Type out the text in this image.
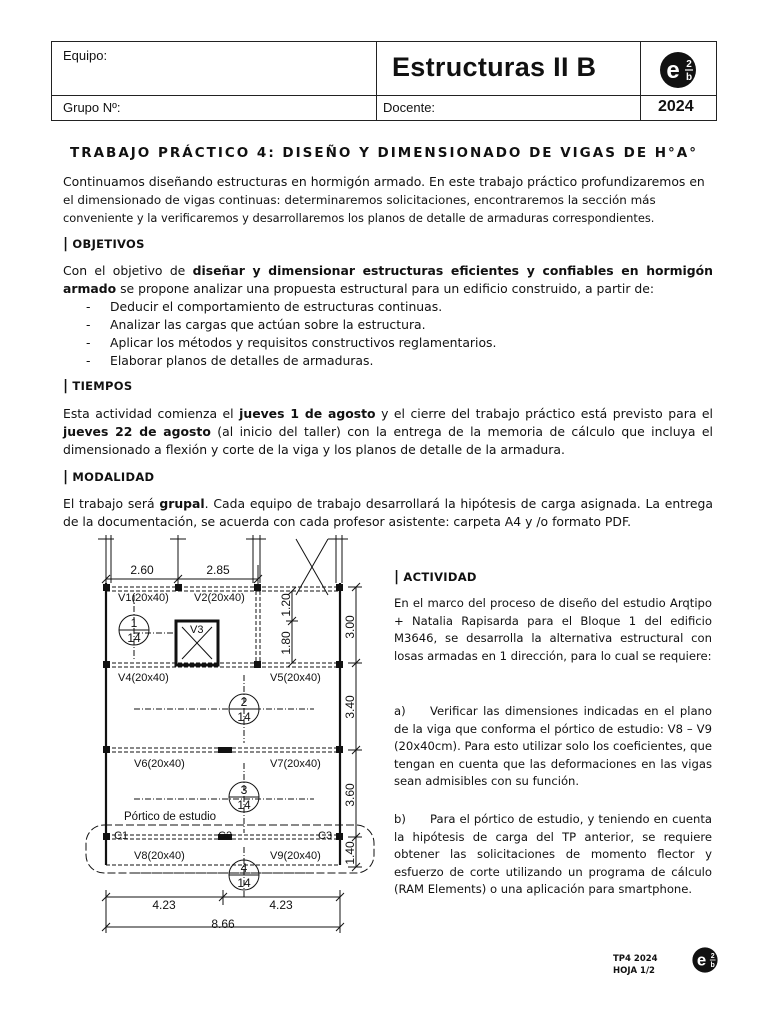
Equipo:
Grupo Nº:	Docente:
Estructuras II B
2024
e 2
b
TRABAJO PRÁCTICO 4: DISEÑO Y DIMENSIONADO DE VIGAS DE H°A°
Continuamos diseñando estructuras en hormigón armado. En este trabajo práctico profundizaremos en
el dimensionado de vigas continuas: determinaremos solicitaciones, encontraremos la sección más
conveniente y la verificaremos y desarrollaremos los planos de detalle de armaduras correspondientes.
| OBJETIVOS
Con el objetivo de diseñar y dimensionar estructuras eficientes y confiables en hormigón armado se propone analizar una propuesta estructural para un edificio construido, a partir de:
- Deducir el comportamiento de estructuras continuas.
- Analizar las cargas que actúan sobre la estructura.
- Aplicar los métodos y requisitos constructivos reglamentarios.
- Elaborar planos de detalles de armaduras.
| TIEMPOS
Esta actividad comienza el jueves 1 de agosto y el cierre del trabajo práctico está previsto para el jueves 22 de agosto (al inicio del taller) con la entrega de la memoria de cálculo que incluya el dimensionado a flexión y corte de la viga y los planos de detalle de la armadura.
| MODALIDAD
El trabajo será grupal. Cada equipo de trabajo desarrollará la hipótesis de carga asignada. La entrega de la documentación, se acuerda con cada profesor asistente: carpeta A4 y /o formato PDF.
2.60	2.85
4.23	4.23
8.66
3.00
3.40
3.60
1.40
1.80
1.20
V1(20x40) V2(20x40)
V3
V4(20x40)	V5(20x40)
V6(20x40)	V7(20x40)
V8(20x40)	V9(20x40)
C1	C2	C3
Pórtico de estudio
1
14
2
14
3
14
4
14
| ACTIVIDAD
En el marco del proceso de diseño del estudio Arqtipo + Natalia Rapisarda para el Bloque 1 del edificio M3646, se desarrolla la alternativa estructural con losas armadas en 1 dirección, para lo cual se requiere:
a) Verificar las dimensiones indicadas en el plano de la viga que conforma el pórtico de estudio: V8 – V9 (20x40cm). Para esto utilizar solo los coeficientes, que tengan en cuenta que las deformaciones en las vigas sean admisibles con su función.
b) Para el pórtico de estudio, y teniendo en cuenta la hipótesis de carga del TP anterior, se requiere obtener las solicitaciones de momento flector y esfuerzo de corte utilizando un programa de cálculo (RAM Elements) o una aplicación para smartphone.
TP4 2024
HOJA 1/2
e 2
b
